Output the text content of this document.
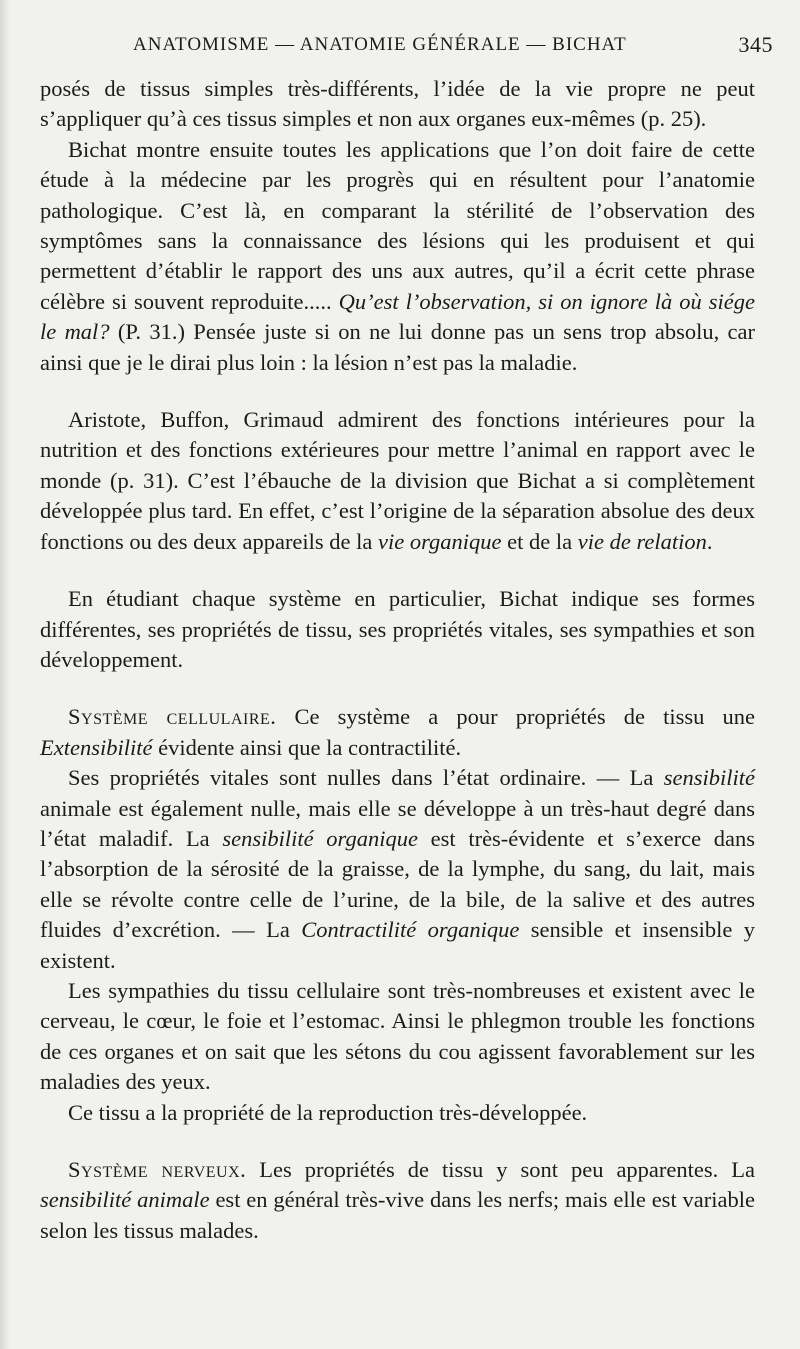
ANATOMISME — ANATOMIE GÉNÉRALE — BICHAT	345

posés de tissus simples très-différents, l’idée de la vie propre ne peut s’appliquer qu’à ces tissus simples et non aux organes eux-mêmes (p. 25).

Bichat montre ensuite toutes les applications que l’on doit faire de cette étude à la médecine par les progrès qui en résultent pour l’anatomie pathologique. C’est là, en comparant la stérilité de l’observation des symptômes sans la connaissance des lésions qui les produisent et qui permettent d’établir le rapport des uns aux autres, qu’il a écrit cette phrase célèbre si souvent reproduite..... Qu’est l’observation, si on ignore là où siége le mal? (P. 31.) Pensée juste si on ne lui donne pas un sens trop absolu, car ainsi que je le dirai plus loin : la lésion n’est pas la maladie.

Aristote, Buffon, Grimaud admirent des fonctions intérieures pour la nutrition et des fonctions extérieures pour mettre l’animal en rapport avec le monde (p. 31). C’est l’ébauche de la division que Bichat a si complètement développée plus tard. En effet, c’est l’origine de la séparation absolue des deux fonctions ou des deux appareils de la vie organique et de la vie de relation.

En étudiant chaque système en particulier, Bichat indique ses formes différentes, ses propriétés de tissu, ses propriétés vitales, ses sympathies et son développement.

Système cellulaire. Ce système a pour propriétés de tissu une Extensibilité évidente ainsi que la contractilité.

Ses propriétés vitales sont nulles dans l’état ordinaire. — La sensibilité animale est également nulle, mais elle se développe à un très-haut degré dans l’état maladif. La sensibilité organique est très-évidente et s’exerce dans l’absorption de la sérosité de la graisse, de la lymphe, du sang, du lait, mais elle se révolte contre celle de l’urine, de la bile, de la salive et des autres fluides d’excrétion. — La Contractilité organique sensible et insensible y existent.

Les sympathies du tissu cellulaire sont très-nombreuses et existent avec le cerveau, le cœur, le foie et l’estomac. Ainsi le phlegmon trouble les fonctions de ces organes et on sait que les sétons du cou agissent favorablement sur les maladies des yeux.

Ce tissu a la propriété de la reproduction très-développée.

Système nerveux. Les propriétés de tissu y sont peu apparentes. La sensibilité animale est en général très-vive dans les nerfs; mais elle est variable selon les tissus malades.
